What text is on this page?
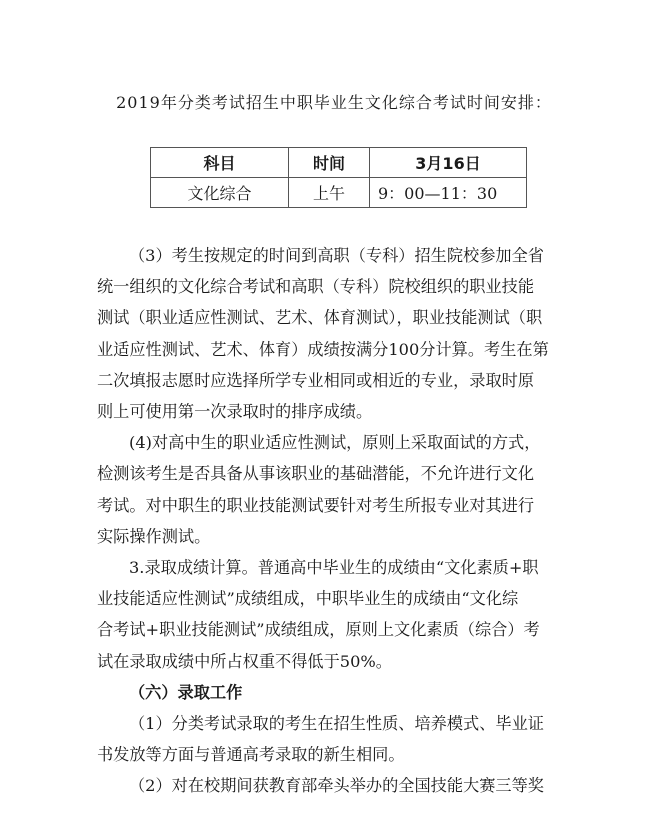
2019年分类考试招生中职毕业生文化综合考试时间安排：
科目	时间	3月16日
文化综合	上午	9：00—11：30
（3）考生按规定的时间到高职（专科）招生院校参加全省
统一组织的文化综合考试和高职（专科）院校组织的职业技能
测试（职业适应性测试、艺术、体育测试），职业技能测试（职
业适应性测试、艺术、体育）成绩按满分100分计算。考生在第
二次填报志愿时应选择所学专业相同或相近的专业，录取时原
则上可使用第一次录取时的排序成绩。
(4)对高中生的职业适应性测试，原则上采取面试的方式，
检测该考生是否具备从事该职业的基础潜能，不允许进行文化
考试。对中职生的职业技能测试要针对考生所报专业对其进行
实际操作测试。
3.录取成绩计算。普通高中毕业生的成绩由“文化素质+职
业技能适应性测试”成绩组成，中职毕业生的成绩由“文化综
合考试+职业技能测试”成绩组成，原则上文化素质（综合）考
试在录取成绩中所占权重不得低于50%。
（六）录取工作
（1）分类考试录取的考生在招生性质、培养模式、毕业证
书发放等方面与普通高考录取的新生相同。
（2）对在校期间获教育部牵头举办的全国技能大赛三等奖
